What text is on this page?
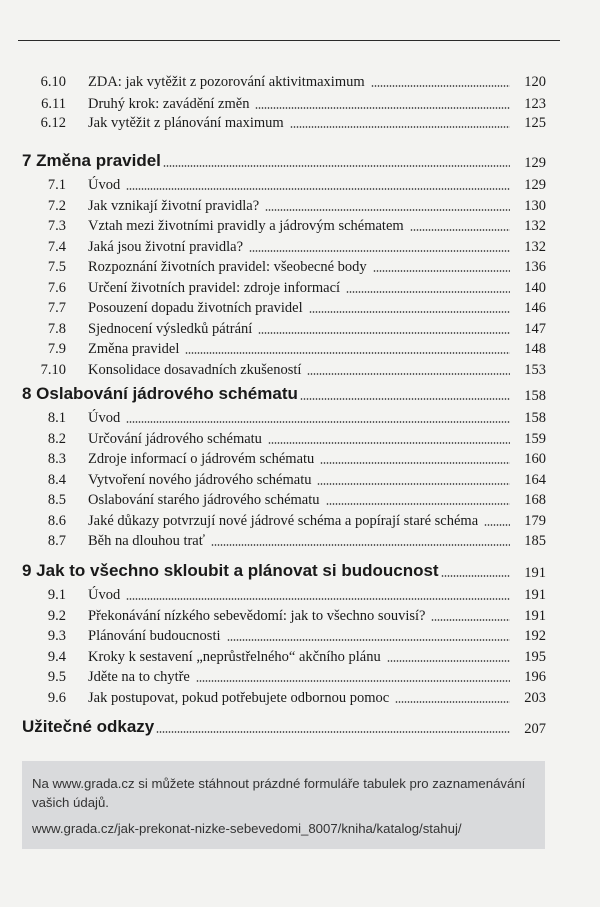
6.10 ZDA: jak vytěžit z pozorování aktivitmaximum	120
6.11 Druhý krok: zavádění změn	123
6.12 Jak vytěžit z plánování maximum	125
7 Změna pravidel	129
7.1 Úvod	129
7.2 Jak vznikají životní pravidla?	130
7.3 Vztah mezi životními pravidly a jádrovým schématem	132
7.4 Jaká jsou životní pravidla?	132
7.5 Rozpoznání životních pravidel: všeobecné body	136
7.6 Určení životních pravidel: zdroje informací	140
7.7 Posouzení dopadu životních pravidel	146
7.8 Sjednocení výsledků pátrání	147
7.9 Změna pravidel	148
7.10 Konsolidace dosavadních zkušeností	153
8 Oslabování jádrového schématu	158
8.1 Úvod	158
8.2 Určování jádrového schématu	159
8.3 Zdroje informací o jádrovém schématu	160
8.4 Vytvoření nového jádrového schématu	164
8.5 Oslabování starého jádrového schématu	168
8.6 Jaké důkazy potvrzují nové jádrové schéma a popírají staré schéma	179
8.7 Běh na dlouhou trať	185
9 Jak to všechno skloubit a plánovat si budoucnost	191
9.1 Úvod	191
9.2 Překonávání nízkého sebevědomí: jak to všechno souvisí?	191
9.3 Plánování budoucnosti	192
9.4 Kroky k sestavení „neprůstřelného“ akčního plánu	195
9.5 Jděte na to chytře	196
9.6 Jak postupovat, pokud potřebujete odbornou pomoc	203
Užitečné odkazy	207
Na www.grada.cz si můžete stáhnout prázdné formuláře tabulek pro zaznamenávání vašich údajů.
www.grada.cz/jak-prekonat-nizke-sebevedomi_8007/kniha/katalog/stahuj/
